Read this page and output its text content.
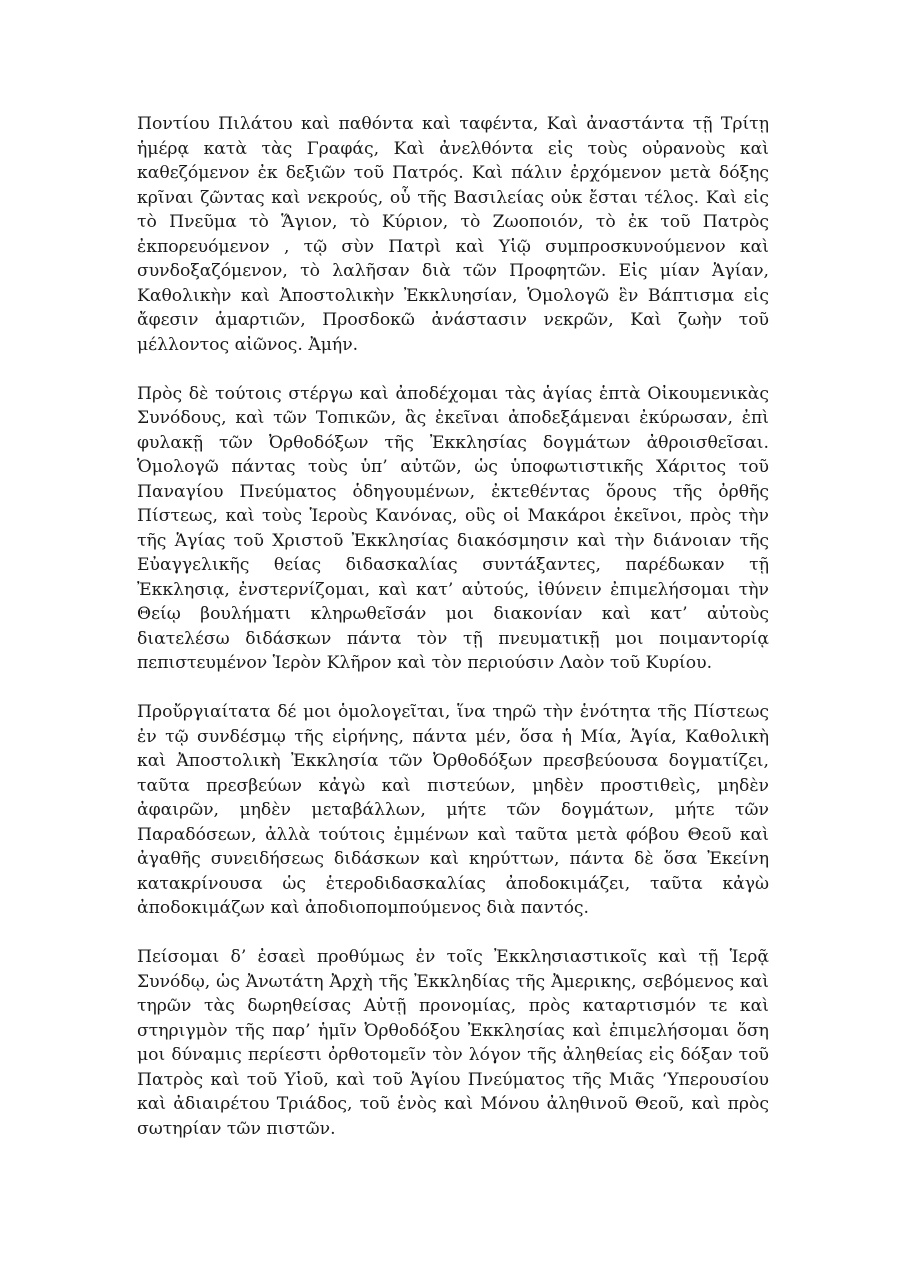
Ποντίου Πιλάτου καὶ παθόντα καὶ ταφέντα, Καὶ ἀναστάντα τῇ Τρίτῃ ἡμέρᾳ κατὰ τὰς Γραφάς, Καὶ ἀνελθόντα εἰς τοὺς οὐρανοὺς καὶ καθεζόμενον ἐκ δεξιῶν τοῦ Πατρός. Καὶ πάλιν ἐρχόμενον μετὰ δόξης κρῖναι ζῶντας καὶ νεκρούς, οὗ τῆς Βασιλείας οὐκ ἔσται τέλος. Καὶ εἰς τὸ Πνεῦμα τὸ Ἅγιον, τὸ Κύριον, τὸ Ζωοποιόν, τὸ ἐκ τοῦ Πατρὸς ἐκπορευόμενον , τῷ σὺν Πατρὶ καὶ Υἱῷ συμπροσκυνούμενον καὶ συνδοξαζόμενον, τὸ λαλῆσαν διὰ τῶν Προφητῶν. Εἰς μίαν Ἁγίαν, Καθολικὴν καὶ Ἀποστολικὴν Ἐκκλυησίαν, Ὁμολογῶ ἓν Βάπτισμα εἰς ἄφεσιν ἁμαρτιῶν, Προσδοκῶ ἀνάστασιν νεκρῶν, Καὶ ζωὴν τοῦ μέλλοντος αἰῶνος. Ἀμήν.

Πρὸς δὲ τούτοις στέργω καὶ ἀποδέχομαι τὰς ἁγίας ἑπτὰ Οἰκουμενικὰς Συνόδους, καὶ τῶν Τοπικῶν, ἃς ἐκεῖναι ἀποδεξάμεναι ἐκύρωσαν, ἐπὶ φυλακῇ τῶν Ὀρθοδόξων τῆς Ἐκκλησίας δογμάτων ἀθροισθεῖσαι. Ὁμολογῶ πάντας τοὺς ὑπ’ αὐτῶν, ὡς ὑποφωτιστικῆς Χάριτος τοῦ Παναγίου Πνεύματος ὁδηγουμένων, ἐκτεθέντας ὅρους τῆς ὀρθῆς Πίστεως, καὶ τοὺς Ἱεροὺς Κανόνας, οὓς οἱ Μακάροι ἐκεῖνοι, πρὸς τὴν τῆς Ἁγίας τοῦ Χριστοῦ Ἐκκλησίας διακόσμησιν καὶ τὴν διάνοιαν τῆς Εὐαγγελικῆς θείας διδασκαλίας συντάξαντες, παρέδωκαν τῇ Ἐκκλησιᾳ, ἐνστερνίζομαι, καὶ κατ’ αὐτούς, ἰθύνειν ἐπιμελήσομαι τὴν Θείῳ βουλήματι κληρωθεῖσάν μοι διακονίαν καὶ κατ’ αὐτοὺς διατελέσω διδάσκων πάντα τὸν τῇ πνευματικῇ μοι ποιμαντορίᾳ πεπιστευμένον Ἱερὸν Κλῆρον καὶ τὸν περιούσιν Λαὸν τοῦ Κυρίου.

Προὔργιαίτατα δέ μοι ὁμολογεῖται, ἵνα τηρῶ τὴν ἑνότητα τῆς Πίστεως ἐν τῷ συνδέσμῳ τῆς εἰρήνης, πάντα μέν, ὅσα ἡ Μία, Ἁγία, Καθολικὴ καὶ Ἀποστολικὴ Ἐκκλησία τῶν Ὀρθοδόξων πρεσβεύουσα δογματίζει, ταῦτα πρεσβεύων κἀγὼ καὶ πιστεύων, μηδὲν προστιθεὶς, μηδὲν ἀφαιρῶν, μηδὲν μεταβάλλων, μήτε τῶν δογμάτων, μήτε τῶν Παραδόσεων, ἀλλὰ τούτοις ἐμμένων καὶ ταῦτα μετὰ φόβου Θεοῦ καὶ ἀγαθῆς συνειδήσεως διδάσκων καὶ κηρύττων, πάντα δὲ ὅσα Ἐκείνη κατακρίνουσα ὡς ἑτεροδιδασκαλίας ἀποδοκιμάζει, ταῦτα κἀγὼ ἀποδοκιμάζων καὶ ἀποδιοπομπούμενος διὰ παντός.

Πείσομαι δ’ ἐσαεὶ προθύμως ἐν τοῖς Ἐκκλησιαστικοῖς καὶ τῇ Ἱερᾷ Συνόδῳ, ὡς Ἀνωτάτη Ἀρχὴ τῆς Ἐκκληδίας τῆς Ἀμερικης, σεβόμενος καὶ τηρῶν τὰς δωρηθείσας Αὐτῇ προνομίας, πρὸς καταρτισμόν τε καὶ στηριγμὸν τῆς παρ’ ἡμῖν Ὀρθοδόξου Ἐκκλησίας καὶ ἐπιμελήσομαι ὅση μοι δύναμις περίεστι ὀρθοτομεῖν τὸν λόγον τῆς ἀληθείας εἰς δόξαν τοῦ Πατρὸς καὶ τοῦ Υἱοῦ, καὶ τοῦ Ἁγίου Πνεύματος τῆς Μιᾶς ‘Υπερουσίου καὶ ἀδιαιρέτου Τριάδος, τοῦ ἑνὸς καὶ Μόνου ἀληθινοῦ Θεοῦ, καὶ πρὸς σωτηρίαν τῶν πιστῶν.
